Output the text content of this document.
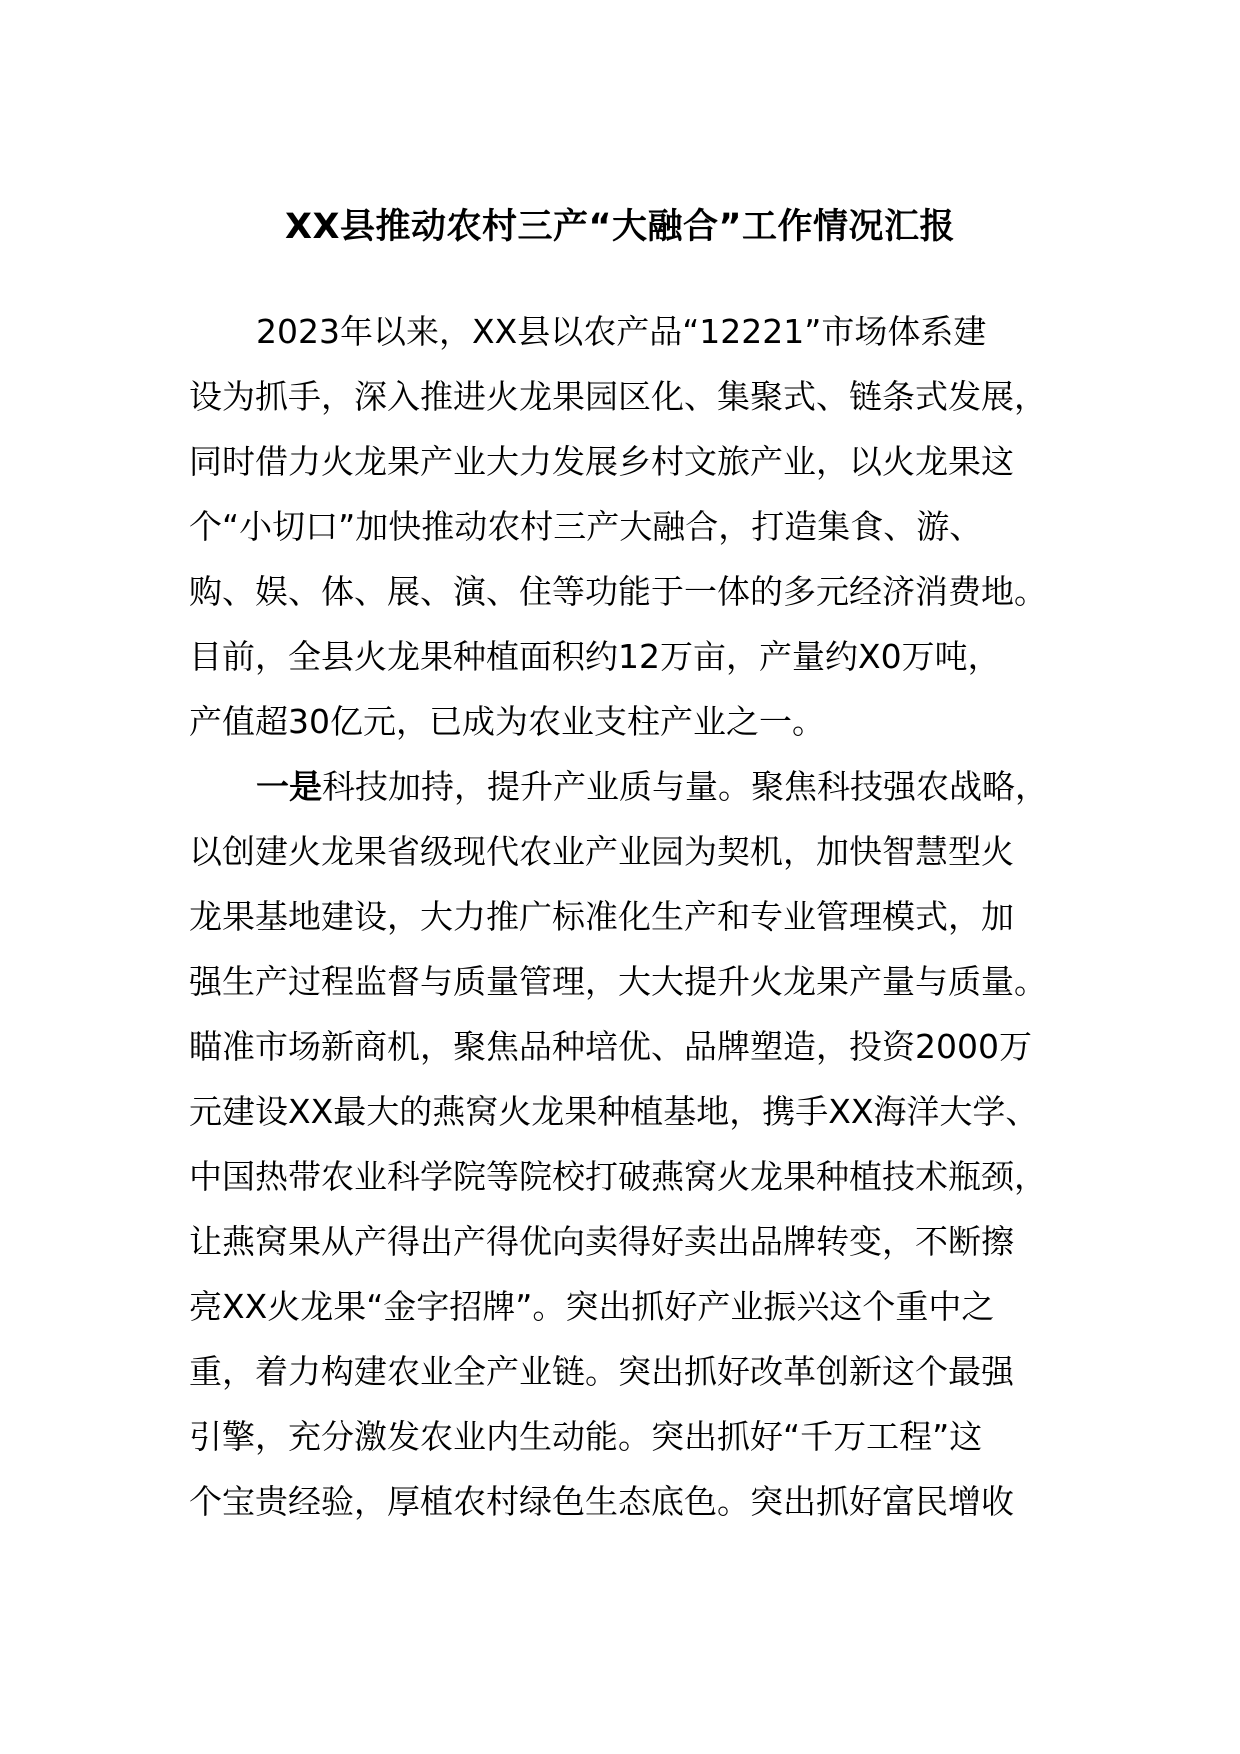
XX县推动农村三产“大融合”工作情况汇报
2023年以来，XX县以农产品“12221”市场体系建
设为抓手，深入推进火龙果园区化、集聚式、链条式发展，
同时借力火龙果产业大力发展乡村文旅产业，以火龙果这
个“小切口”加快推动农村三产大融合，打造集食、游、
购、娱、体、展、演、住等功能于一体的多元经济消费地。
目前，全县火龙果种植面积约12万亩，产量约X0万吨，
产值超30亿元，已成为农业支柱产业之一。
一是科技加持，提升产业质与量。聚焦科技强农战略，
以创建火龙果省级现代农业产业园为契机，加快智慧型火
龙果基地建设，大力推广标准化生产和专业管理模式，加
强生产过程监督与质量管理，大大提升火龙果产量与质量。
瞄准市场新商机，聚焦品种培优、品牌塑造，投资2000万
元建设XX最大的燕窝火龙果种植基地，携手XX海洋大学、
中国热带农业科学院等院校打破燕窝火龙果种植技术瓶颈，
让燕窝果从产得出产得优向卖得好卖出品牌转变，不断擦
亮XX火龙果“金字招牌”。突出抓好产业振兴这个重中之
重，着力构建农业全产业链。突出抓好改革创新这个最强
引擎，充分激发农业内生动能。突出抓好“千万工程”这
个宝贵经验，厚植农村绿色生态底色。突出抓好富民增收
